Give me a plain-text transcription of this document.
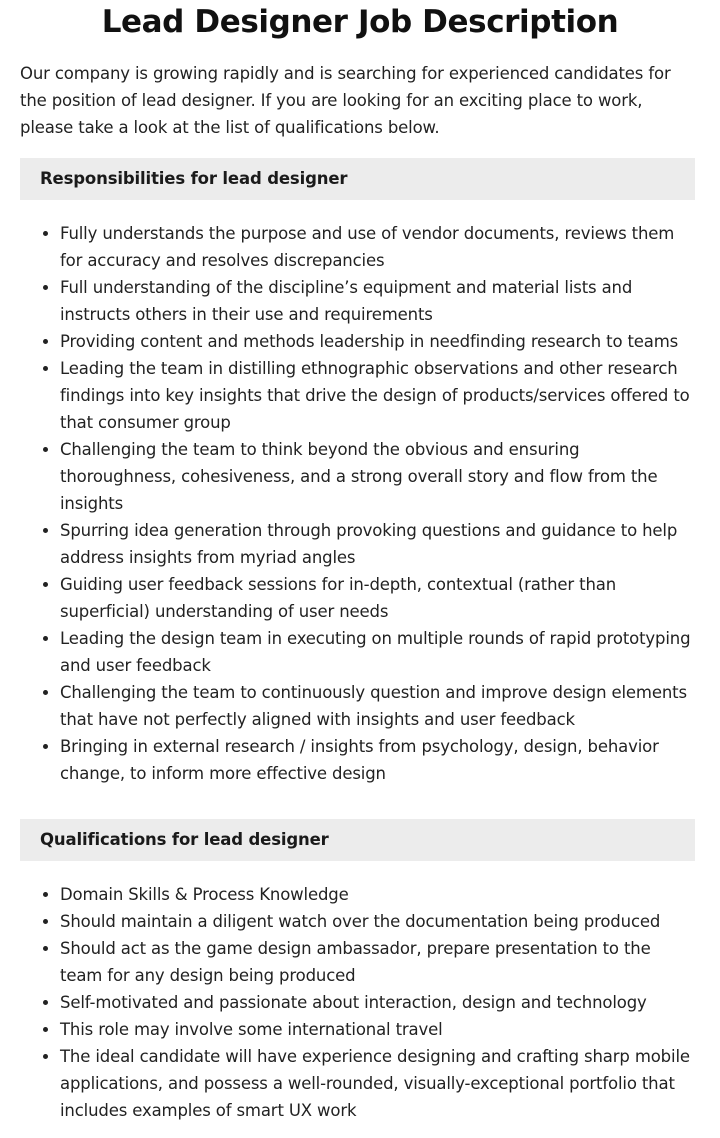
Lead Designer Job Description

Our company is growing rapidly and is searching for experienced candidates for the position of lead designer. If you are looking for an exciting place to work, please take a look at the list of qualifications below.

Responsibilities for lead designer
• Fully understands the purpose and use of vendor documents, reviews them for accuracy and resolves discrepancies
• Full understanding of the discipline’s equipment and material lists and instructs others in their use and requirements
• Providing content and methods leadership in needfinding research to teams
• Leading the team in distilling ethnographic observations and other research findings into key insights that drive the design of products/services offered to that consumer group
• Challenging the team to think beyond the obvious and ensuring thoroughness, cohesiveness, and a strong overall story and flow from the insights
• Spurring idea generation through provoking questions and guidance to help address insights from myriad angles
• Guiding user feedback sessions for in-depth, contextual (rather than superficial) understanding of user needs
• Leading the design team in executing on multiple rounds of rapid prototyping and user feedback
• Challenging the team to continuously question and improve design elements that have not perfectly aligned with insights and user feedback
• Bringing in external research / insights from psychology, design, behavior change, to inform more effective design
Qualifications for lead designer
• Domain Skills & Process Knowledge
• Should maintain a diligent watch over the documentation being produced
• Should act as the game design ambassador, prepare presentation to the team for any design being produced
• Self-motivated and passionate about interaction, design and technology
• This role may involve some international travel
• The ideal candidate will have experience designing and crafting sharp mobile applications, and possess a well-rounded, visually-exceptional portfolio that includes examples of smart UX work
